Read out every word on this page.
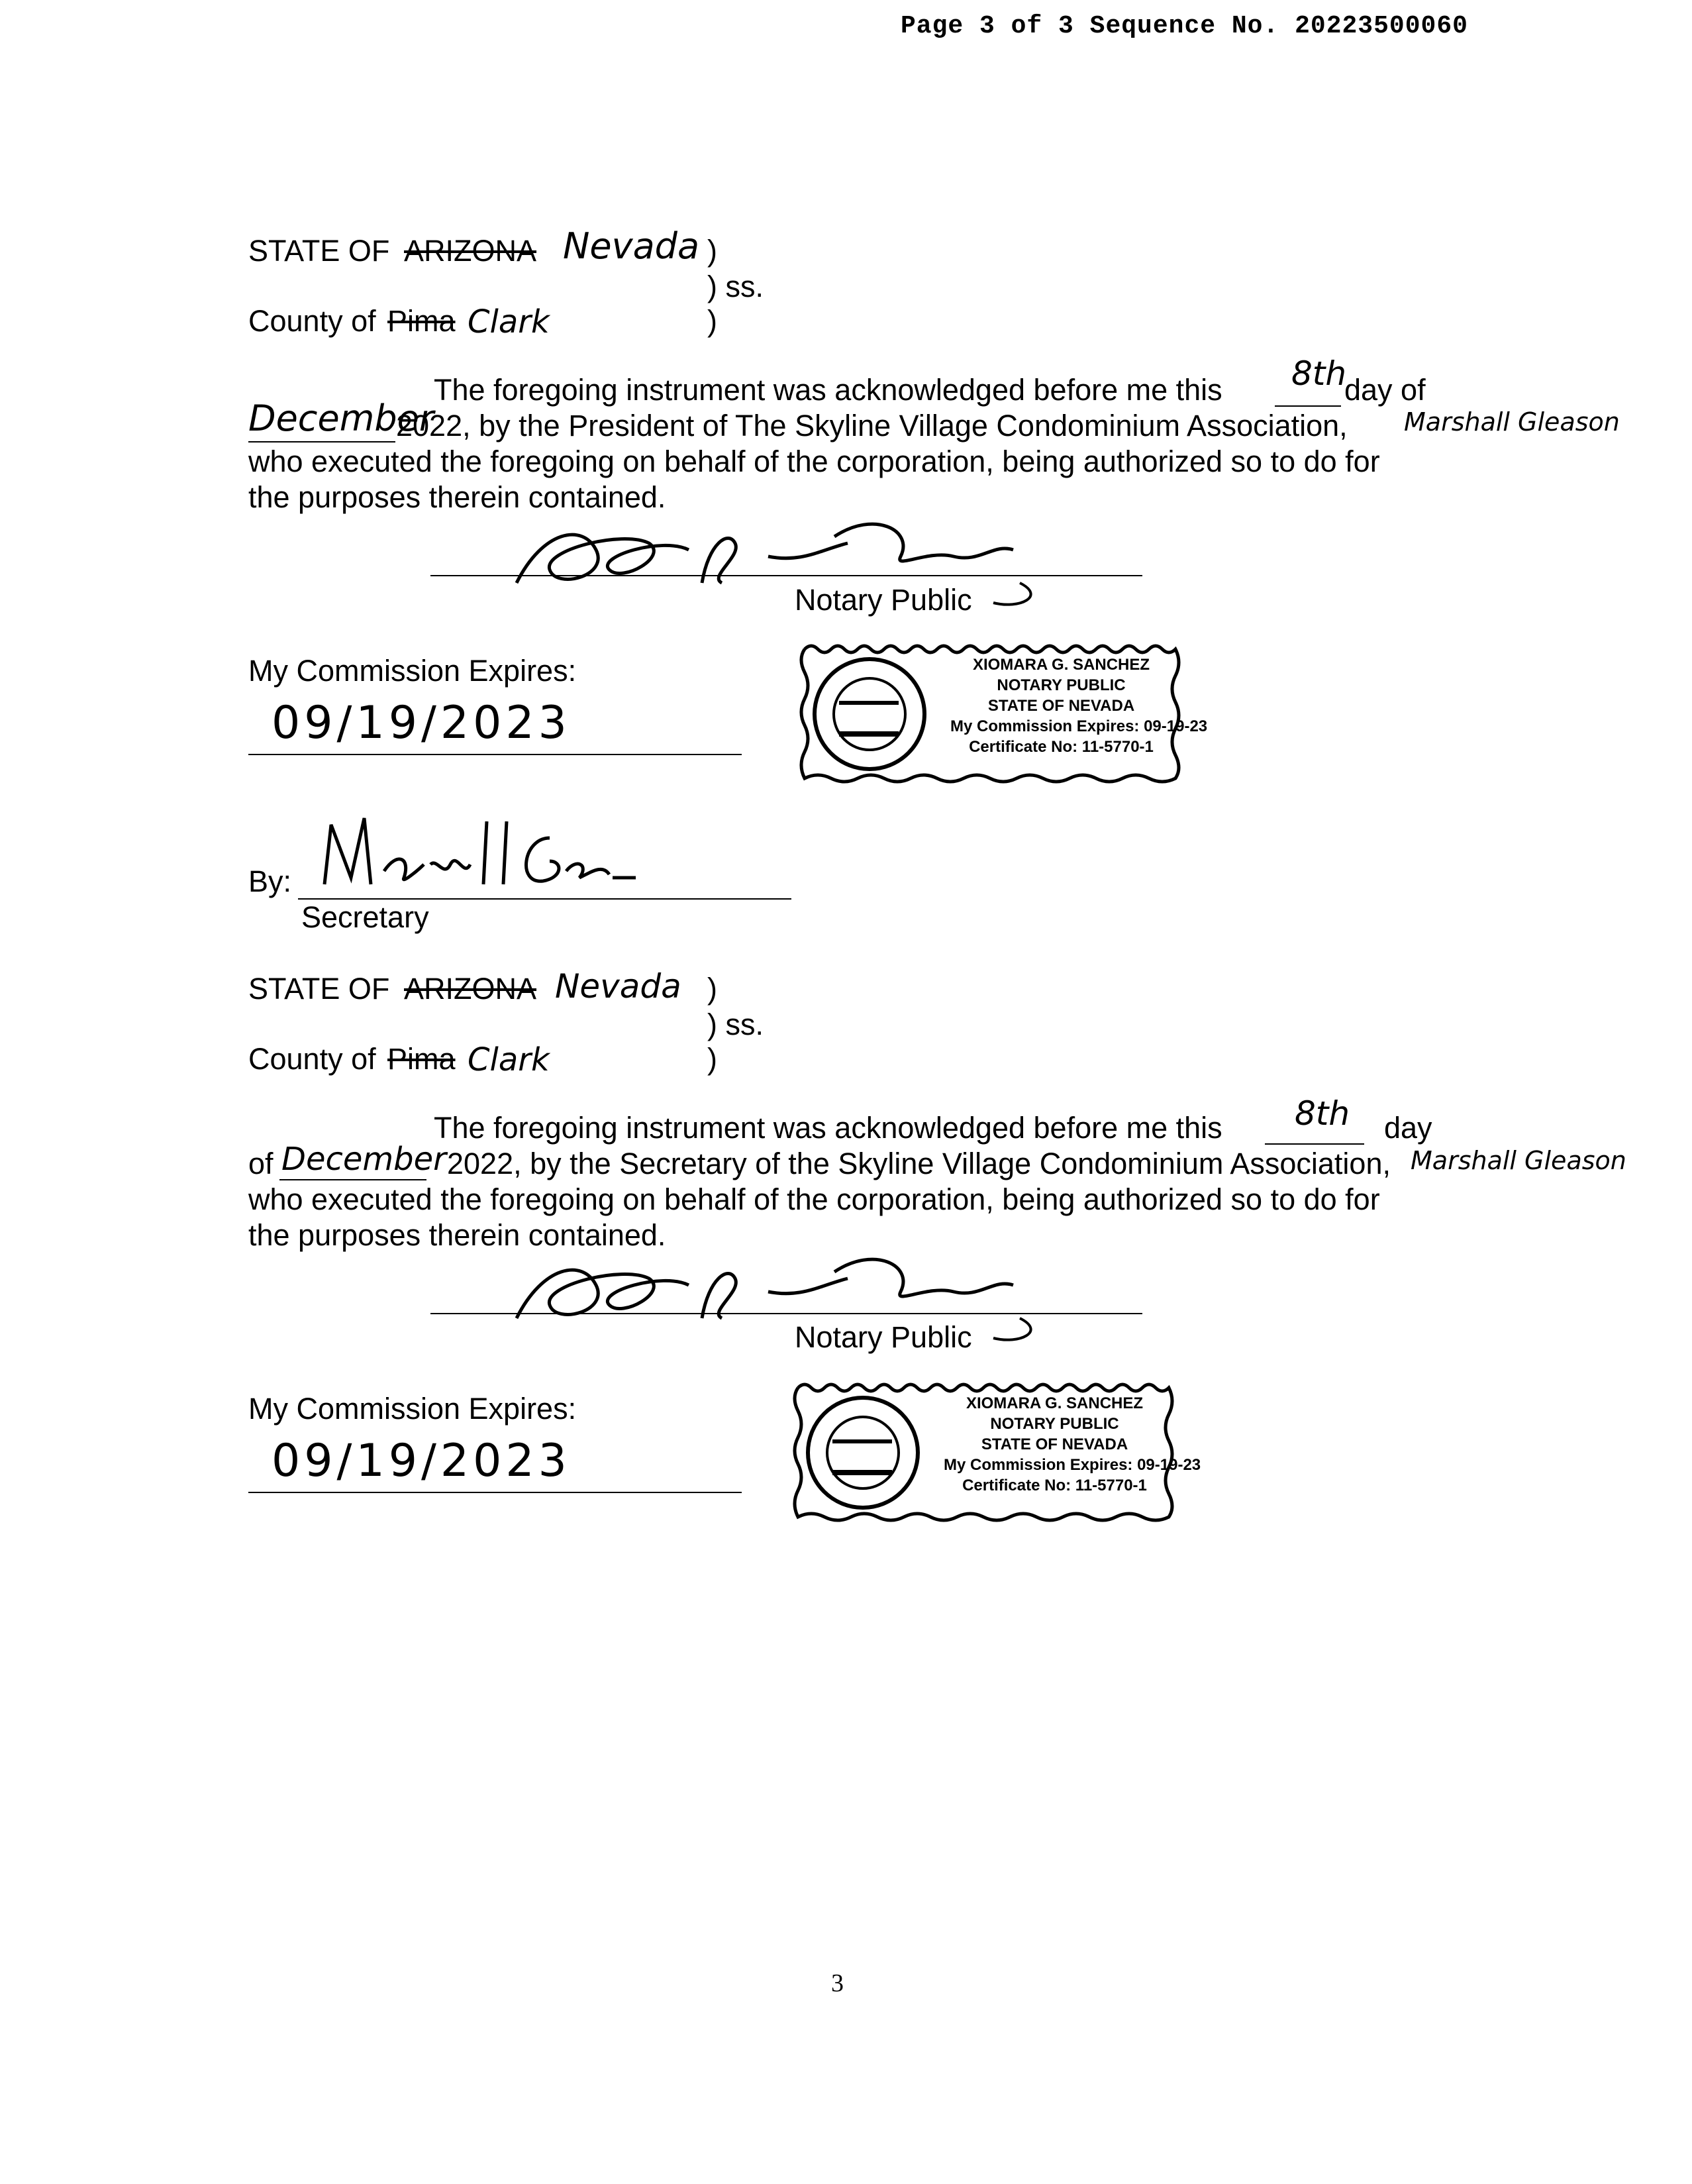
Page 3 of 3 Sequence No. 20223500060
STATE OF ARIZONA Nevada )
) ss.
County of Pima Clark	)
The foregoing instrument was acknowledged before me this 8th
day of
December
2022, by the President of The Skyline Village Condominium Association, Marshall Gleason
who executed the foregoing on behalf of the corporation, being authorized so to do for
the purposes therein contained.
Notary Public
My Commission Expires:
09/19/2023
XIOMARA G. SANCHEZ
NOTARY PUBLIC
STATE OF NEVADA
My Commission Expires: 09-19-23
Certificate No: 11-5770-1
By:
Secretary
STATE OF ARIZONA Nevada )
) ss.
County of Pima Clark	)
The foregoing instrument was acknowledged before me this 8th day
of December 2022, by the Secretary of the Skyline Village Condominium Association, Marshall Gleason
who executed the foregoing on behalf of the corporation, being authorized so to do for
the purposes therein contained.
Notary Public
My Commission Expires:
09/19/2023
XIOMARA G. SANCHEZ
NOTARY PUBLIC
STATE OF NEVADA
My Commission Expires: 09-19-23
Certificate No: 11-5770-1
3
